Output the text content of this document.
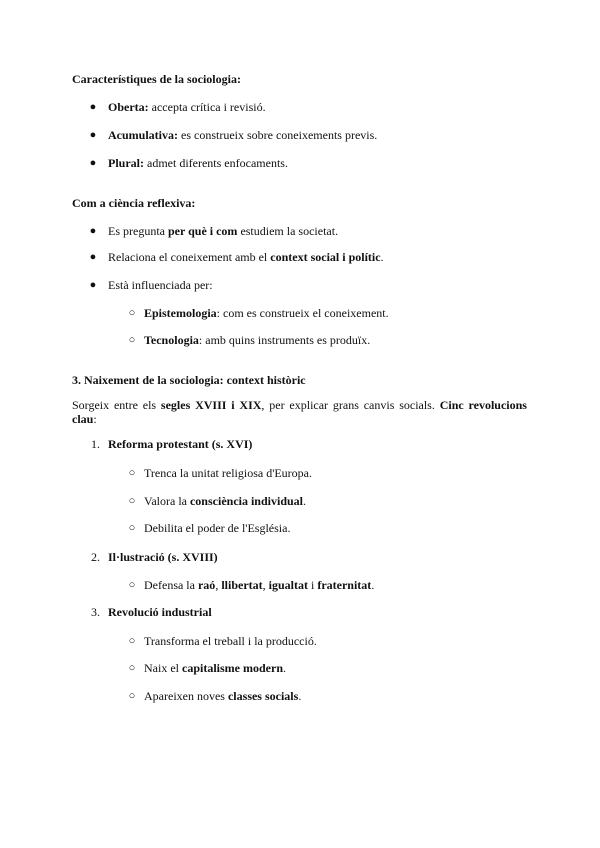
Característiques de la sociologia:
● Oberta: accepta crítica i revisió.
● Acumulativa: es construeix sobre coneixements previs.
● Plural: admet diferents enfocaments.
Com a ciència reflexiva:
● Es pregunta per què i com estudiem la societat.
● Relaciona el coneixement amb el context social i polític.
● Està influenciada per:
○ Epistemologia: com es construeix el coneixement.
○ Tecnologia: amb quins instruments es produïx.
3. Naixement de la sociologia: context històric
Sorgeix entre els segles XVIII i XIX, per explicar grans canvis socials. Cinc revolucions clau:
1. Reforma protestant (s. XVI)
○ Trenca la unitat religiosa d'Europa.
○ Valora la consciència individual.
○ Debilita el poder de l'Església.
2. Il·lustració (s. XVIII)
○ Defensa la raó, llibertat, igualtat i fraternitat.
3. Revolució industrial
○ Transforma el treball i la producció.
○ Naix el capitalisme modern.
○ Apareixen noves classes socials.
